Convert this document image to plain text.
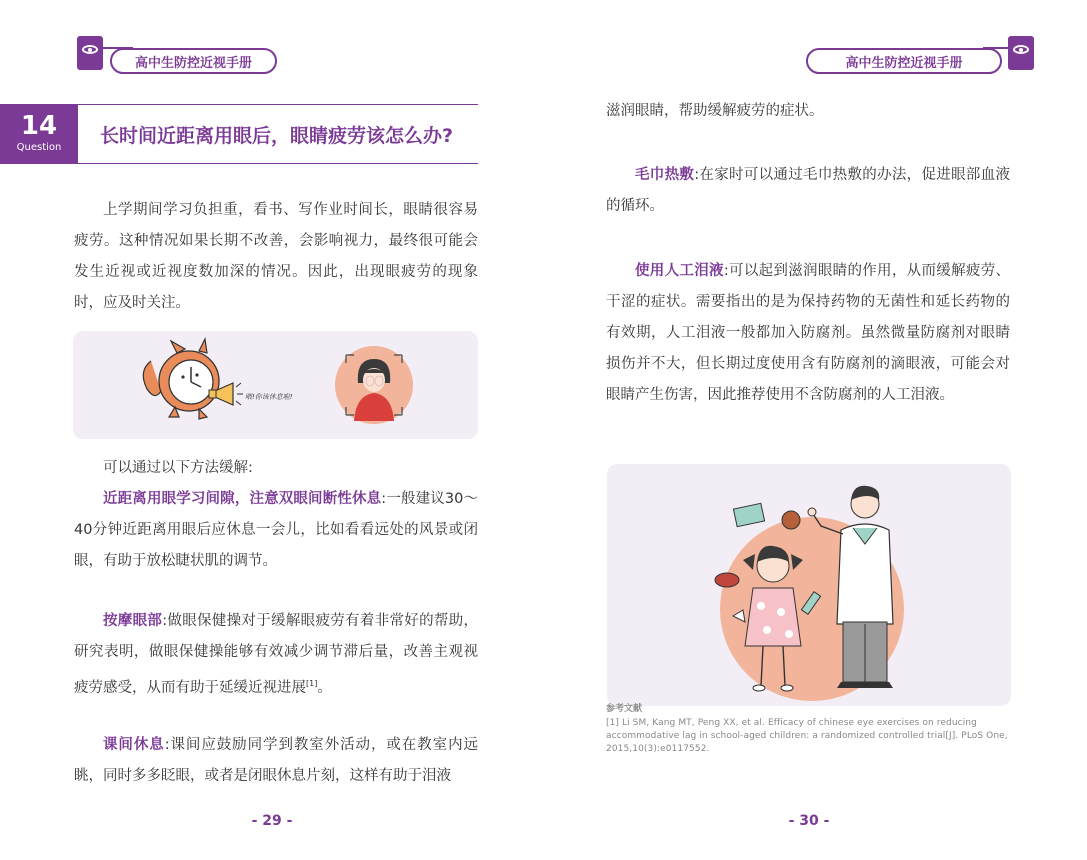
高中生防控近视手册
14
Question
长时间近距离用眼后，眼睛疲劳该怎么办?

上学期间学习负担重，看书、写作业时间长，眼睛很容易疲劳。这种情况如果长期不改善，会影响视力，最终很可能会发生近视或近视度数加深的情况。因此，出现眼疲劳的现象时，应及时关注。

喂!你该休息啦!

可以通过以下方法缓解:

近距离用眼学习间隙，注意双眼间断性休息:一般建议30～40分钟近距离用眼后应休息一会儿，比如看看远处的风景或闭眼，有助于放松睫状肌的调节。

按摩眼部:做眼保健操对于缓解眼疲劳有着非常好的帮助，研究表明，做眼保健操能够有效减少调节滞后量，改善主观视疲劳感受，从而有助于延缓近视进展[1]。

课间休息:课间应鼓励同学到教室外活动，或在教室内远眺，同时多多眨眼，或者是闭眼休息片刻，这样有助于泪液

- 29 -
高中生防控近视手册

滋润眼睛，帮助缓解疲劳的症状。

毛巾热敷:在家时可以通过毛巾热敷的办法，促进眼部血液的循环。

使用人工泪液:可以起到滋润眼睛的作用，从而缓解疲劳、干涩的症状。需要指出的是为保持药物的无菌性和延长药物的有效期，人工泪液一般都加入防腐剂。虽然微量防腐剂对眼睛损伤并不大，但长期过度使用含有防腐剂的滴眼液，可能会对眼睛产生伤害，因此推荐使用不含防腐剂的人工泪液。

参考文献
[1] Li SM, Kang MT, Peng XX, et al. Efficacy of chinese eye exercises on reducing accommodative lag in school-aged children: a randomized controlled trial[J]. PLoS One, 2015,10(3):e0117552.
- 30 -
